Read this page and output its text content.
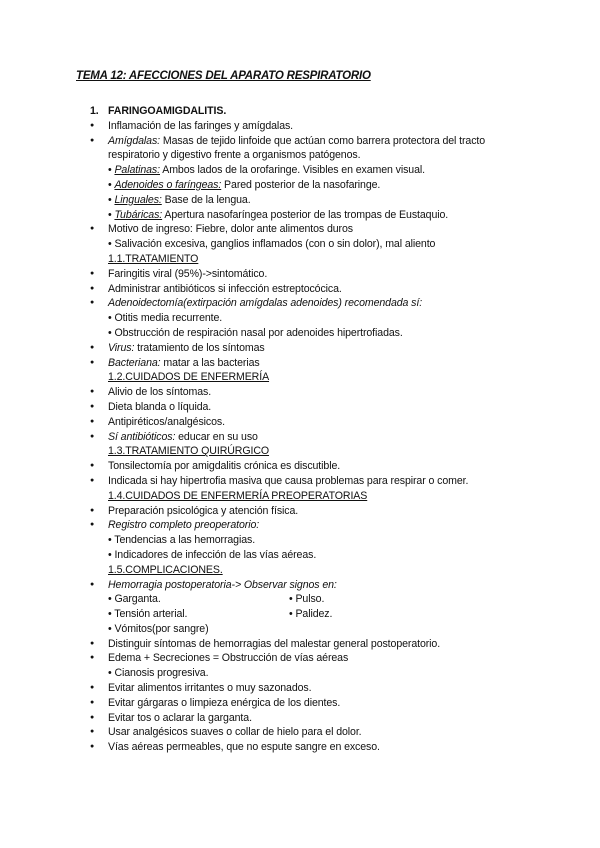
TEMA 12: AFECCIONES DEL APARATO RESPIRATORIO
1. FARINGOAMIGDALITIS.
● Inflamación de las faringes y amígdalas.
● Amígdalas: Masas de tejido linfoide que actúan como barrera protectora del tracto
respiratorio y digestivo frente a organismos patógenos.
• Palatinas: Ambos lados de la orofaringe. Visibles en examen visual.
• Adenoides o faríngeas: Pared posterior de la nasofaringe.
• Linguales: Base de la lengua.
• Tubáricas: Apertura nasofaríngea posterior de las trompas de Eustaquio.
● Motivo de ingreso: Fiebre, dolor ante alimentos duros
• Salivación excesiva, ganglios inflamados (con o sin dolor), mal aliento
1.1.TRATAMIENTO
● Faringitis viral (95%)->sintomático.
● Administrar antibióticos si infección estreptocócica.
● Adenoidectomía(extirpación amígdalas adenoides) recomendada sí:
• Otitis media recurrente.
• Obstrucción de respiración nasal por adenoides hipertrofiadas.
● Virus: tratamiento de los síntomas
● Bacteriana: matar a las bacterias
1.2.CUIDADOS DE ENFERMERÍA
● Alivio de los síntomas.
● Dieta blanda o líquida.
● Antipiréticos/analgésicos.
● Sí antibióticos: educar en su uso
1.3.TRATAMIENTO QUIRÚRGICO
● Tonsilectomía por amigdalitis crónica es discutible.
● Indicada si hay hipertrofia masiva que causa problemas para respirar o comer.
1.4.CUIDADOS DE ENFERMERÍA PREOPERATORIAS
● Preparación psicológica y atención física.
● Registro completo preoperatorio:
• Tendencias a las hemorragias.
• Indicadores de infección de las vías aéreas.
1.5.COMPLICACIONES.
● Hemorragia postoperatoria-> Observar signos en:
• Garganta.	• Pulso.
• Tensión arterial.	• Palidez.
• Vómitos(por sangre)
● Distinguir síntomas de hemorragias del malestar general postoperatorio.
● Edema + Secreciones = Obstrucción de vías aéreas
• Cianosis progresiva.
● Evitar alimentos irritantes o muy sazonados.
● Evitar gárgaras o limpieza enérgica de los dientes.
● Evitar tos o aclarar la garganta.
● Usar analgésicos suaves o collar de hielo para el dolor.
● Vías aéreas permeables, que no espute sangre en exceso.
